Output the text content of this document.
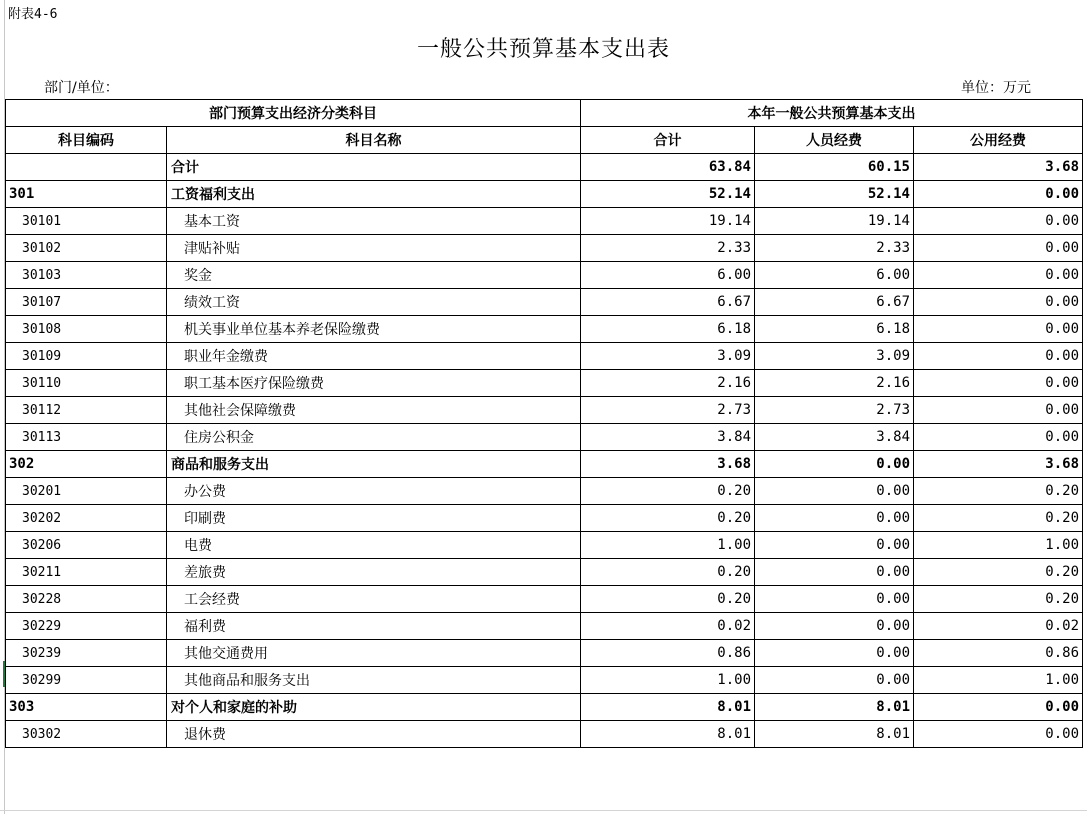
附表4-6
一般公共预算基本支出表
部门/单位：	单位：万元
部门预算支出经济分类科目		本年一般公共预算基本支出		
科目编码	科目名称	合计	人员经费	公用经费
	合计	63.84	60.15	3.68
301	工资福利支出	52.14	52.14	0.00
30101	基本工资	19.14	19.14	0.00
30102	津贴补贴	2.33	2.33	0.00
30103	奖金	6.00	6.00	0.00
30107	绩效工资	6.67	6.67	0.00
30108	机关事业单位基本养老保险缴费	6.18	6.18	0.00
30109	职业年金缴费	3.09	3.09	0.00
30110	职工基本医疗保险缴费	2.16	2.16	0.00
30112	其他社会保障缴费	2.73	2.73	0.00
30113	住房公积金	3.84	3.84	0.00
302	商品和服务支出	3.68	0.00	3.68
30201	办公费	0.20	0.00	0.20
30202	印刷费	0.20	0.00	0.20
30206	电费	1.00	0.00	1.00
30211	差旅费	0.20	0.00	0.20
30228	工会经费	0.20	0.00	0.20
30229	福利费	0.02	0.00	0.02
30239	其他交通费用	0.86	0.00	0.86
30299	其他商品和服务支出	1.00	0.00	1.00
303	对个人和家庭的补助	8.01	8.01	0.00
30302	退休费	8.01	8.01	0.00
